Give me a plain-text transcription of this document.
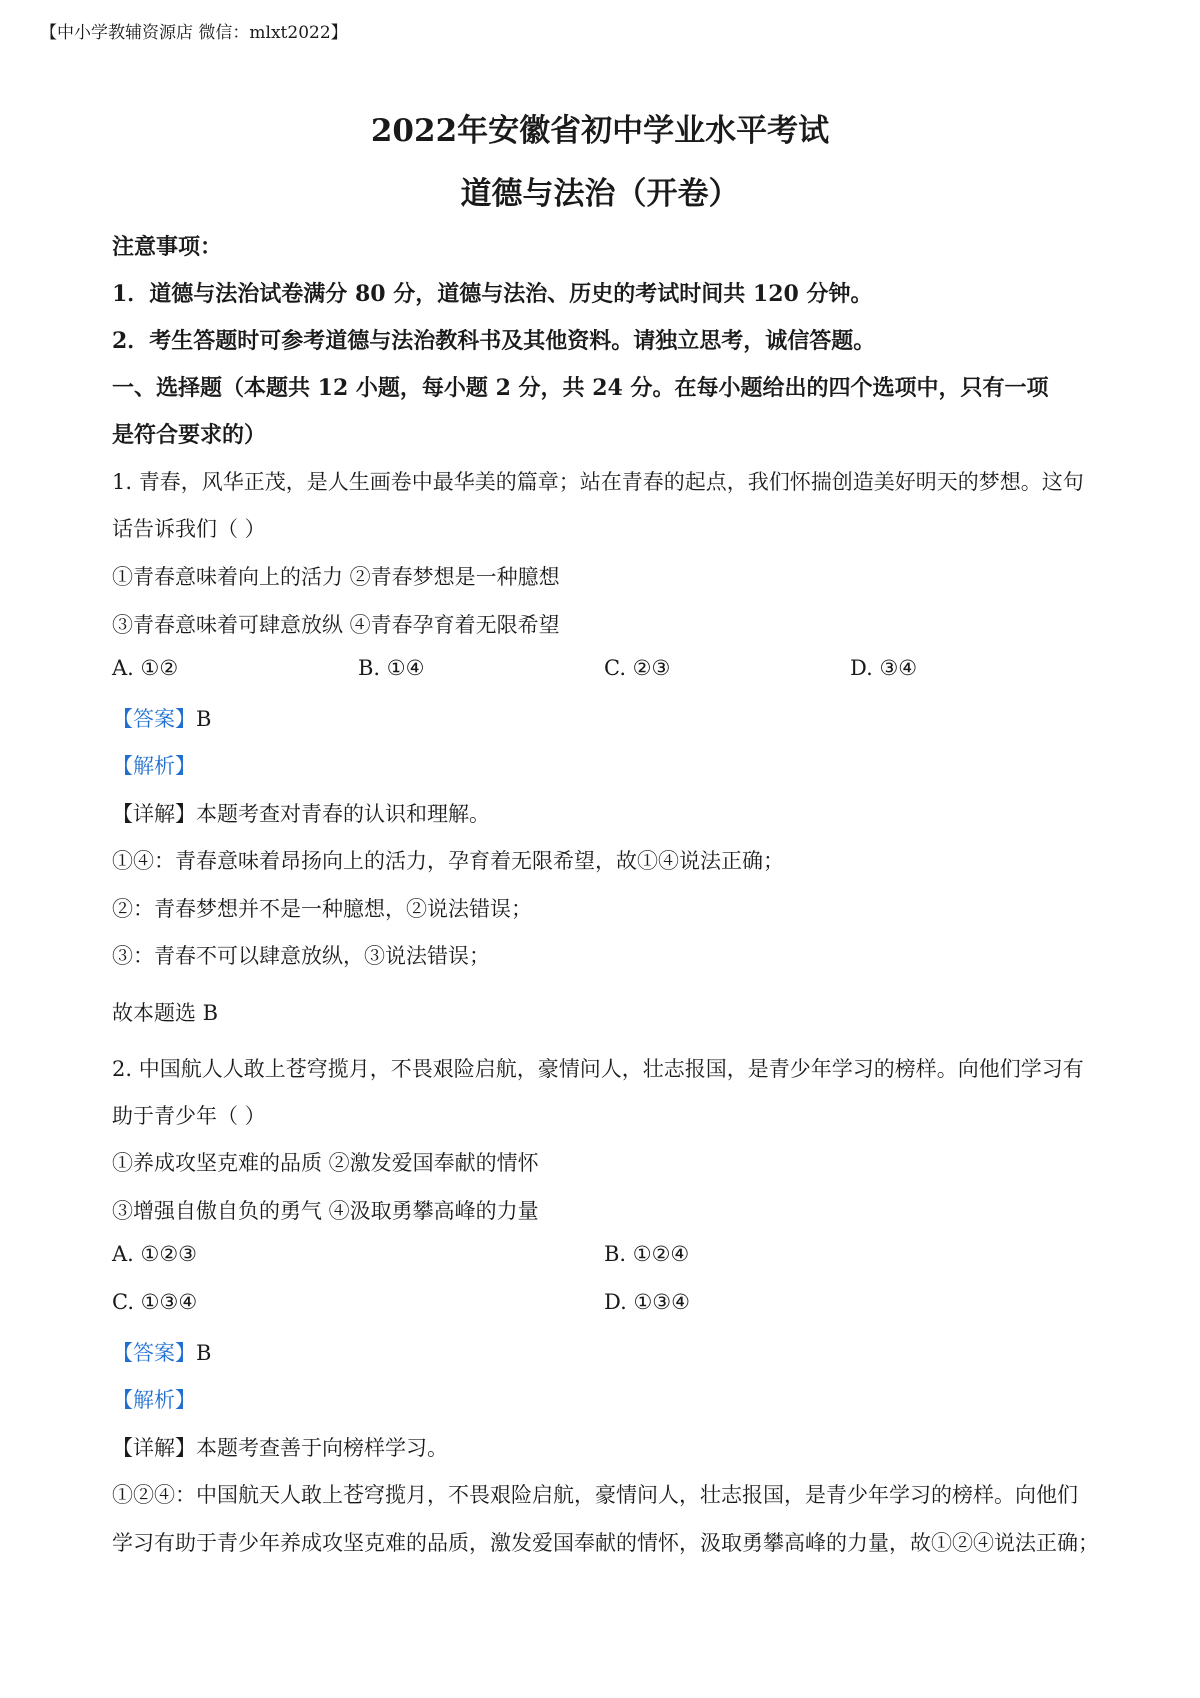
【中小学教辅资源店 微信：mlxt2022】
2022年安徽省初中学业水平考试
道德与法治（开卷）
注意事项：
1．道德与法治试卷满分 80 分，道德与法治、历史的考试时间共 120 分钟。
2．考生答题时可参考道德与法治教科书及其他资料。请独立思考，诚信答题。
一、选择题（本题共 12 小题，每小题 2 分，共 24 分。在每小题给出的四个选项中，只有一项
是符合要求的）
1. 青春，风华正茂，是人生画卷中最华美的篇章；站在青春的起点，我们怀揣创造美好明天的梦想。这句
话告诉我们（ ）
①青春意味着向上的活力 ②青春梦想是一种臆想
③青春意味着可肆意放纵 ④青春孕育着无限希望
A. ①②	B. ①④	C. ②③	D. ③④
【答案】B
【解析】
【详解】本题考查对青春的认识和理解。
①④：青春意味着昂扬向上的活力，孕育着无限希望，故①④说法正确；
②：青春梦想并不是一种臆想，②说法错误；
③：青春不可以肆意放纵，③说法错误；
故本题选 B
2. 中国航人人敢上苍穹揽月，不畏艰险启航，豪情问人，壮志报国，是青少年学习的榜样。向他们学习有
助于青少年（ ）
①养成攻坚克难的品质 ②激发爱国奉献的情怀
③增强自傲自负的勇气 ④汲取勇攀高峰的力量
A. ①②③	B. ①②④
C. ①③④	D. ①③④
【答案】B
【解析】
【详解】本题考查善于向榜样学习。
①②④：中国航天人敢上苍穹揽月，不畏艰险启航，豪情问人，壮志报国，是青少年学习的榜样。向他们
学习有助于青少年养成攻坚克难的品质，激发爱国奉献的情怀，汲取勇攀高峰的力量，故①②④说法正确；
